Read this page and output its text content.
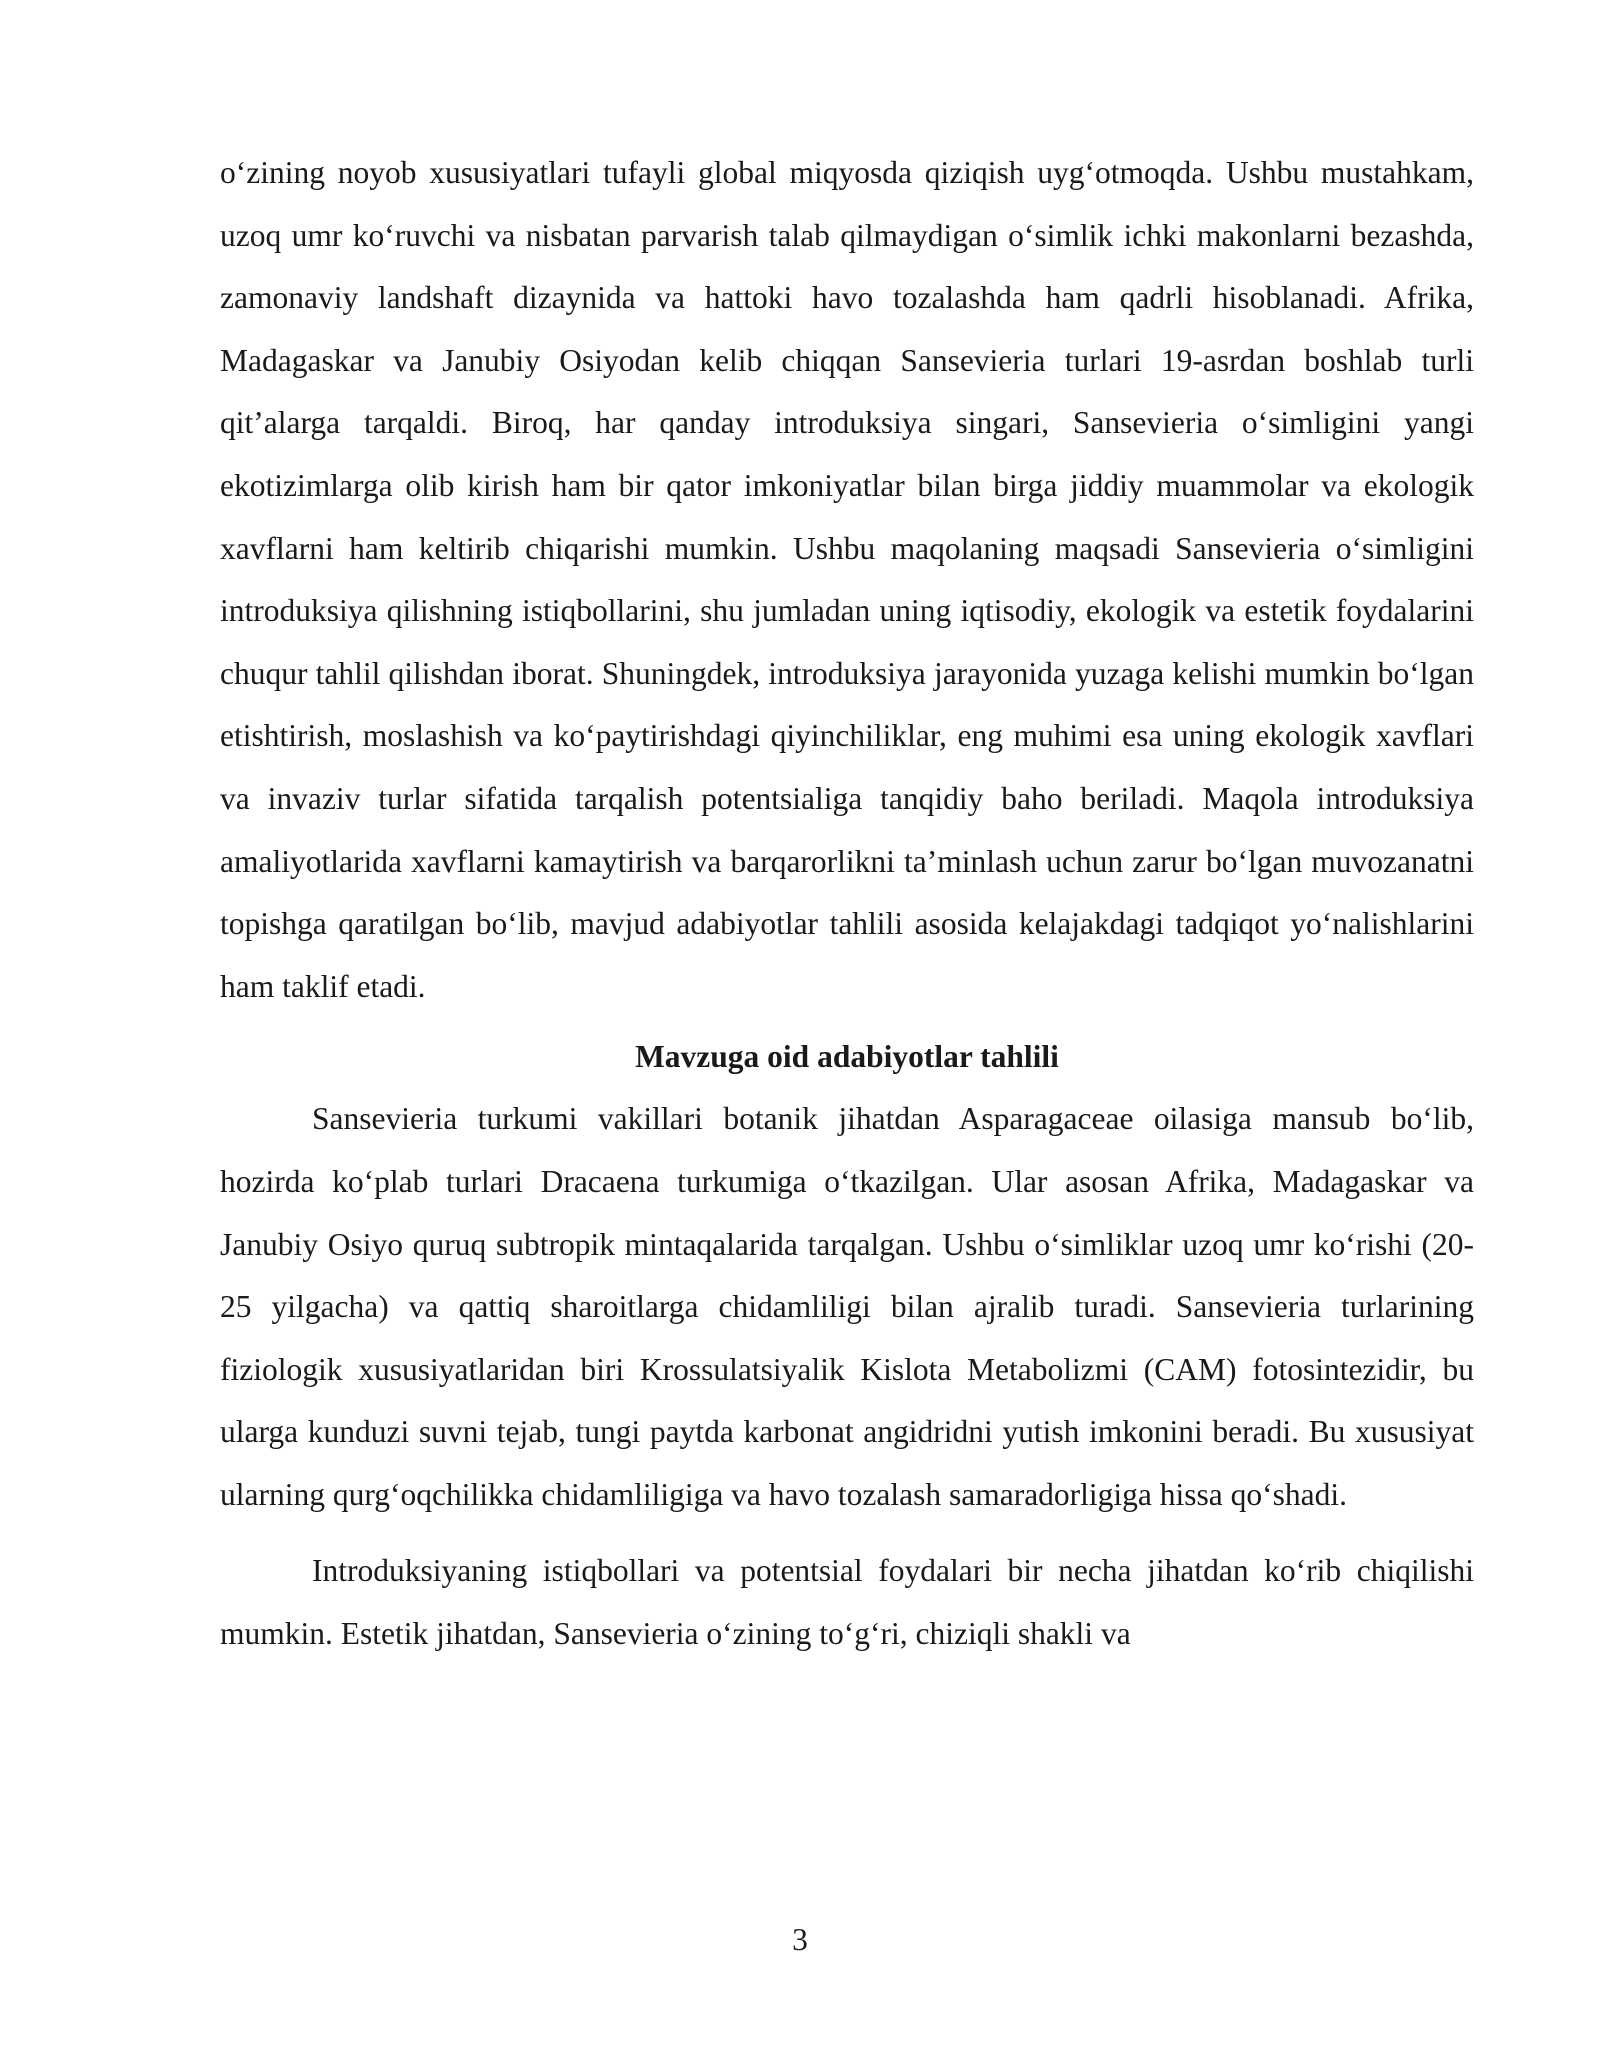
o‘zining noyob xususiyatlari tufayli global miqyosda qiziqish uyg‘otmoqda. Ushbu mustahkam, uzoq umr ko‘ruvchi va nisbatan parvarish talab qilmaydigan o‘simlik ichki makonlarni bezashda, zamonaviy landshaft dizaynida va hattoki havo tozalashda ham qadrli hisoblanadi. Afrika, Madagaskar va Janubiy Osiyodan kelib chiqqan Sansevieria turlari 19-asrdan boshlab turli qit’alarga tarqaldi. Biroq, har qanday introduksiya singari, Sansevieria o‘simligini yangi ekotizimlarga olib kirish ham bir qator imkoniyatlar bilan birga jiddiy muammolar va ekologik xavflarni ham keltirib chiqarishi mumkin. Ushbu maqolaning maqsadi Sansevieria o‘simligini introduksiya qilishning istiqbollarini, shu jumladan uning iqtisodiy, ekologik va estetik foydalarini chuqur tahlil qilishdan iborat. Shuningdek, introduksiya jarayonida yuzaga kelishi mumkin bo‘lgan etishtirish, moslashish va ko‘paytirishdagi qiyinchiliklar, eng muhimi esa uning ekologik xavflari va invaziv turlar sifatida tarqalish potentsialiga tanqidiy baho beriladi. Maqola introduksiya amaliyotlarida xavflarni kamaytirish va barqarorlikni ta’minlash uchun zarur bo‘lgan muvozanatni topishga qaratilgan bo‘lib, mavjud adabiyotlar tahlili asosida kelajakdagi tadqiqot yo‘nalishlarini ham taklif etadi.

Mavzuga oid adabiyotlar tahlili

Sansevieria turkumi vakillari botanik jihatdan Asparagaceae oilasiga mansub bo‘lib, hozirda ko‘plab turlari Dracaena turkumiga o‘tkazilgan. Ular asosan Afrika, Madagaskar va Janubiy Osiyo quruq subtropik mintaqalarida tarqalgan. Ushbu o‘simliklar uzoq umr ko‘rishi (20-25 yilgacha) va qattiq sharoitlarga chidamliligi bilan ajralib turadi. Sansevieria turlarining fiziologik xususiyatlaridan biri Krossulatsiyalik Kislota Metabolizmi (CAM) fotosintezidir, bu ularga kunduzi suvni tejab, tungi paytda karbonat angidridni yutish imkonini beradi. Bu xususiyat ularning qurg‘oqchilikka chidamliligiga va havo tozalash samaradorligiga hissa qo‘shadi.

Introduksiyaning istiqbollari va potentsial foydalari bir necha jihatdan ko‘rib chiqilishi mumkin. Estetik jihatdan, Sansevieria o‘zining to‘g‘ri, chiziqli shakli va

3
